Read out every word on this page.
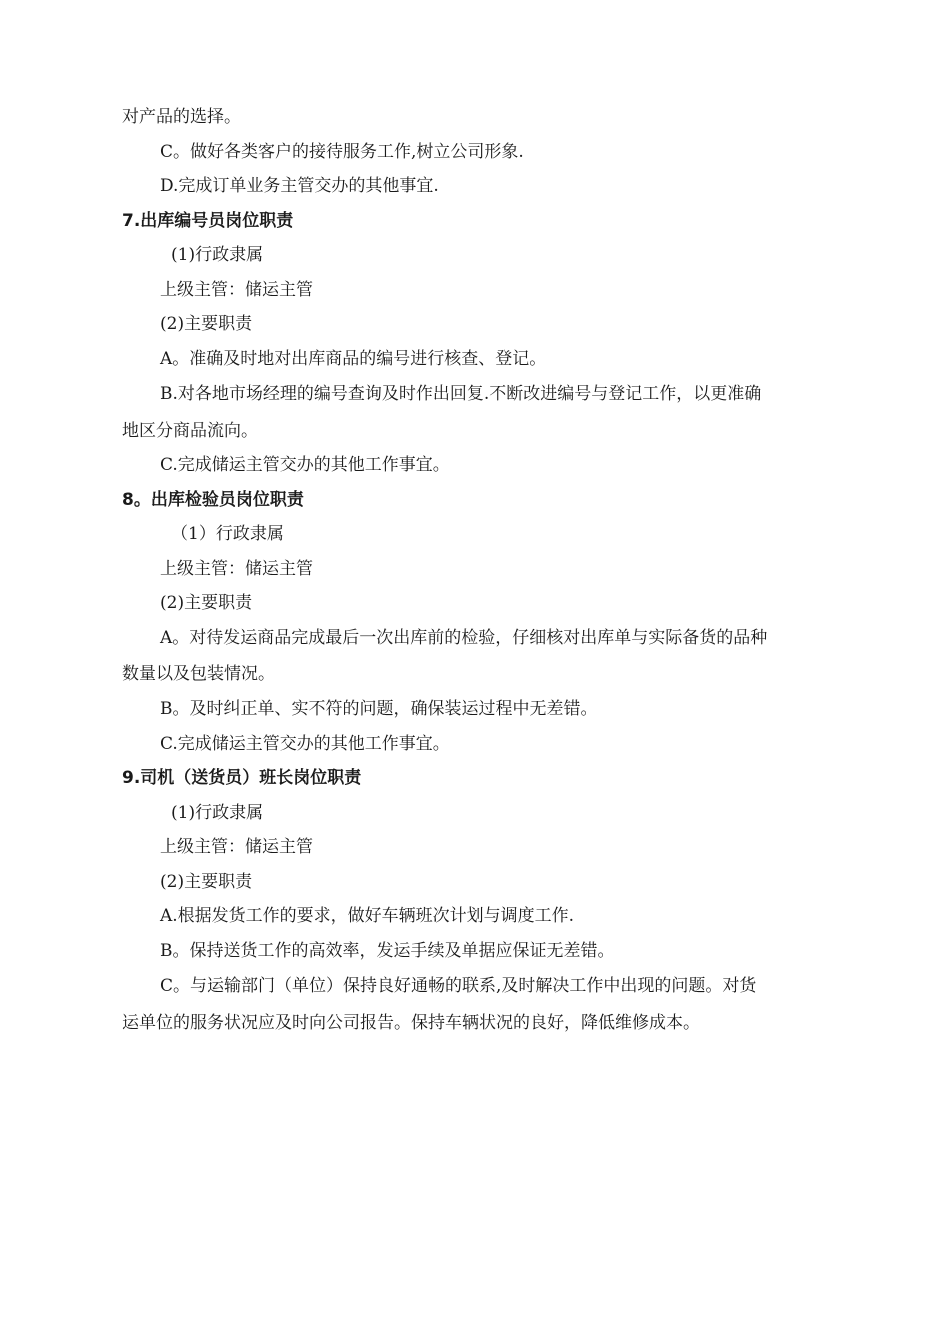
对产品的选择。
C。做好各类客户的接待服务工作,树立公司形象.
D.完成订单业务主管交办的其他事宜.
7.出库编号员岗位职责
(1)行政隶属
上级主管：储运主管
(2)主要职责
A。准确及时地对出库商品的编号进行核查、登记。
B.对各地市场经理的编号查询及时作出回复.不断改进编号与登记工作，以更准确
地区分商品流向。
C.完成储运主管交办的其他工作事宜。
8。出库检验员岗位职责
（1）行政隶属
上级主管：储运主管
(2)主要职责
A。对待发运商品完成最后一次出库前的检验，仔细核对出库单与实际备货的品种
数量以及包装情况。
B。及时纠正单、实不符的问题，确保装运过程中无差错。
C.完成储运主管交办的其他工作事宜。
9.司机（送货员）班长岗位职责
(1)行政隶属
上级主管：储运主管
(2)主要职责
A.根据发货工作的要求，做好车辆班次计划与调度工作.
B。保持送货工作的高效率，发运手续及单据应保证无差错。
C。与运输部门（单位）保持良好通畅的联系,及时解决工作中出现的问题。对货
运单位的服务状况应及时向公司报告。保持车辆状况的良好，降低维修成本。
